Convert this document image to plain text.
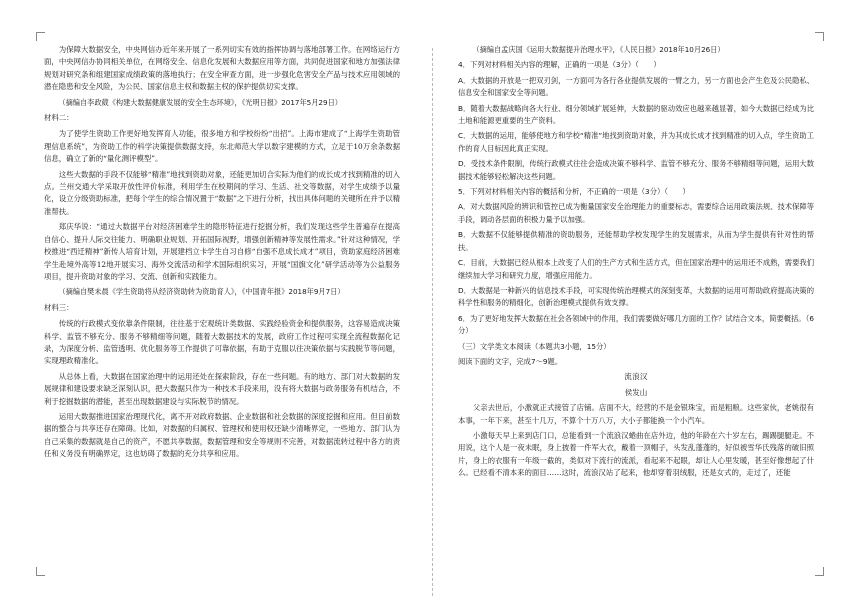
为保障大数据安全，中央网信办近年来开展了一系列切实有效的指挥协调与落地部署工作。在网络运行方面，中央网信办协同相关单位，在网络安全、信息化发展和大数据应用等方面，共同促进国家和地方加强法律规划对研究条和组建国家成绩政策的落地执行；在安全审查方面，进一步强化危害安全产品与技术应用领域的潜在隐患和安全风险，为公民、国家信息主权和数据主权的保护提供切实支撑。

（摘编自李政葳《构建大数据健康发展的安全生态环境》，《光明日报》2017年5月29日）

材料二：

为了使学生资助工作更好地发挥育人功能，很多地方和学校纷纷“出招”。上海市建成了“上海学生资助管理信息系统”，为资助工作的科学决策提供数据支持，东北师范大学以数字建模的方式，立足于10万余条数据信息，确立了新的“量化测评模型”。

这些大数据的手段不仅能够“精准”地找到资助对象，还能更加切合实际为他们的成长成才找到精准的切入点。兰州交通大学采取开放性评价标准，利用学生在校期间的学习、生活、社交等数据，对学生成绩予以量化，设立分级资助标准，把每个学生的综合情况置于“数据”之下进行分析，找出具体问题的关键所在并予以精准帮扶。

郑庆华说：“通过大数据平台对经济困难学生的隐形特征进行挖掘分析，我们发现这些学生普遍存在提高自信心、提升人际交往能力、明确职业规划、开拓国际视野，增强创新精神等发展性需求。”针对这种情况，学校推进“西迁精神”新传人培育计划，开展建档立卡学生自习自修“自强不息成长成才”项目，资助家庭经济困难学生赴境外高等12地开展实习、海外交流活动和学术国际组织实习，开展“国旗文化”研学活动等为公益服务项目，提升资助对象的学习、交流、创新和实践能力。

（摘编自樊未晨《学生资助将从经济资助转为资助育人》，《中国青年报》2018年9月7日）

材料三：

传统的行政模式变依靠条件限制，往往基于宏观统计类数据、实践经验资金和提供服务，这容易造成决策科学、监管不够充分、服务不够精细等问题，随着大数据技术的发展，政府工作过程可实现全流程数据化记录，为深度分析、监管透明、优化服务等工作提供了可靠依据，有助于克服以往决策依据与实践脱节等问题，实现理政精准化。

从总体上看，大数据在国家治理中的运用还处在探索阶段，存在一些问题。有的地方、部门对大数据的发展规律和建设要求缺乏深刻认识，把大数据只作为一种技术手段来用，没有将大数据与政务服务有机结合，不利于挖掘数据的潜能，甚至出现数据建设与实际脱节的情况。

运用大数据推进国家治理现代化，离不开对政府数据、企业数据和社会数据的深度挖掘和应用。但目前数据的整合与共享还存在障碍。比如，对数据的归属权、管理权和使用权还缺少清晰界定，一些地方、部门认为自己采集的数据就是自己的资产，不愿共享数据，数据管理和安全等规则不完善，对数据流转过程中各方的责任和义务没有明确界定，这也妨碍了数据的充分共享和应用。

（摘编自孟庆国《运用大数据提升治理水平》，《人民日报》2018年10月26日）

4．下列对材料相关内容的理解，正确的一项是（3分）（　　）

A．大数据的开放是一把双刃剑，一方面可为各行各业提供发展的一臂之力，另一方面也会产生危及公民隐私、信息安全和国家安全等问题。

B．随着大数据战略向各大行业、细分领域扩展延伸，大数据的驱动效应也越来越显著，如今大数据已经成为比土地和能源更重要的生产资料。

C．大数据的运用，能够使地方和学校“精准”地找到资助对象，并为其成长成才找到精准的切入点，学生资助工作的育人目标因此真正实现。

D．受技术条件限制，传统行政模式往往会造成决策不够科学、监管不够充分、服务不够精细等问题，运用大数据技术能够轻松解决这些问题。

5．下列对材料相关内容的概括和分析，不正确的一项是（3分）（　　）

A．对大数据风险的辨识和管控已成为衡量国家安全治理能力的重要标志，需要综合运用政策法规、技术保障等手段，调动各层面的积极力量予以加强。

B．大数据不仅能够提供精准的资助服务，还能帮助学校发现学生的发展需求，从而为学生提供有针对性的帮扶。

C．目前，大数据已经从根本上改变了人们的生产方式和生活方式，但在国家治理中的运用还不成熟，需要我们继续加大学习和研究力度，增强应用能力。

D．大数据是一种新兴的信息技术手段，可实现传统治理模式的深刻变革，大数据的运用可帮助政府提高决策的科学性和服务的精细化，创新治理模式提供有效支撑。

6．为了更好地发挥大数据在社会各领域中的作用，我们需要做好哪几方面的工作？试结合文本，简要概括。（6分）

（三）文学类文本阅读（本题共3小题，15分）

阅读下面的文字，完成7～9题。

流浪汉

侯发山

父亲去世后，小激就正式接管了店铺。店面不大，经营的不是金银珠宝，而是粗粮。这些家伙，老姚很有本事，一年下来，甚至十几万，不算个十万八万，大小子都能换一个小汽车。

小激每天早上来到店门口，总能看到一个流浪汉蜷曲在店外边，他的年龄在六十岁左右，踢踢腿腿走。不用说，这个人是一夜未眠，身上披着一件军大衣，戴着一顶帽子，头发乱蓬蓬的，好似被雪华氏残落的破旧照片，身上的衣服有一年级一截的，类似对下流行的流派，看起来不起眼，却让人心里发暖，甚至好像想起了什么。已经看不清本来的面目……这时，流浪汉站了起来，他却穿着羽绒服，还是女式的，走过了，还能
